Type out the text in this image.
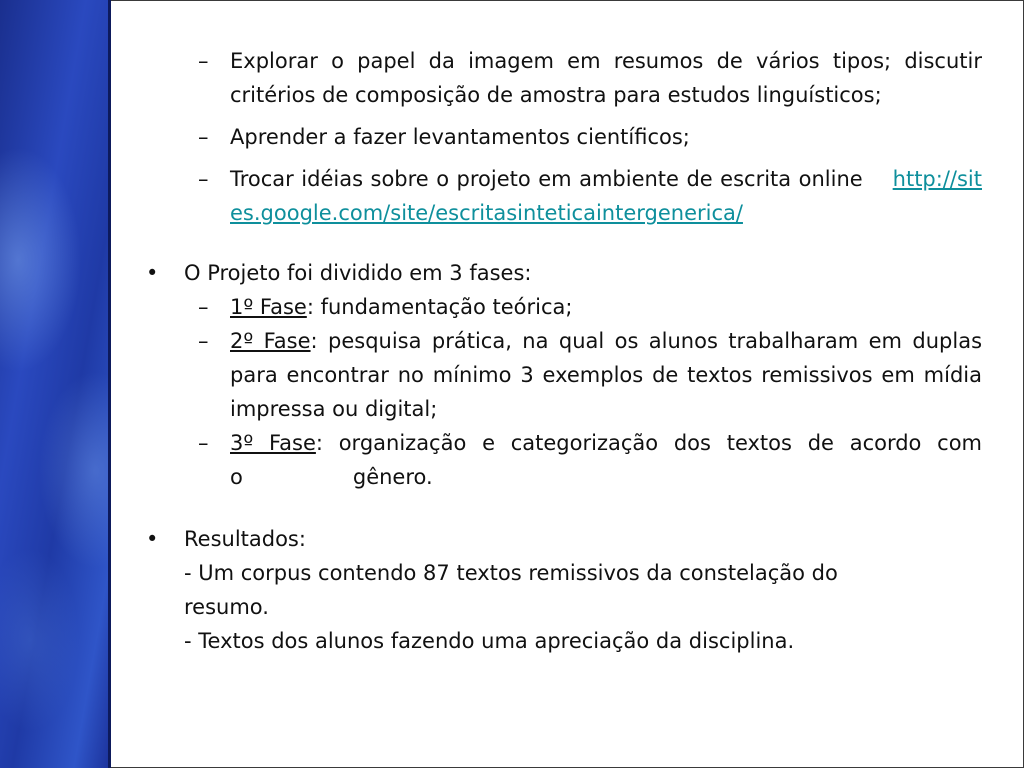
– Explorar o papel da imagem em resumos de vários tipos; discutir critérios de composição de amostra para estudos linguísticos;
– Aprender a fazer levantamentos científicos;
– Trocar idéias sobre o projeto em ambiente de escrita online http://sites.google.com/site/escritasinteticaintergenerica/
• O Projeto foi dividido em 3 fases:
– 1º Fase: fundamentação teórica;
– 2º Fase: pesquisa prática, na qual os alunos trabalharam em duplas para encontrar no mínimo 3 exemplos de textos remissivos em mídia impressa ou digital;
– 3º Fase: organização e categorização dos textos de acordo com o	gênero.
• Resultados:
- Um corpus contendo 87 textos remissivos da constelação do
resumo.
- Textos dos alunos fazendo uma apreciação da disciplina.
